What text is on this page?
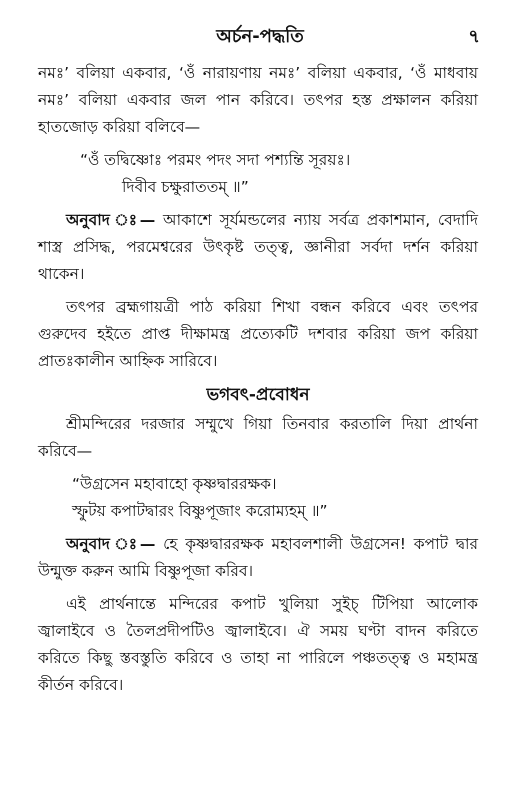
অর্চন-পদ্ধতি	৭

নমঃ’ বলিয়া একবার, ‘ওঁ নারায়ণায় নমঃ’ বলিয়া একবার, ‘ওঁ মাধবায় নমঃ’ বলিয়া একবার জল পান করিবে। তৎপর হস্ত প্রক্ষালন করিয়া হাতজোড় করিয়া বলিবে—

“ওঁ তদ্বিষ্ণোঃ পরমং পদং সদা পশ্যন্তি সূরয়ঃ।
দিবীব চক্ষুরাততম্ ॥”

অনুবাদ ঃ— আকাশে সূর্যমন্ডলের ন্যায় সর্বত্র প্রকাশমান, বেদাদি শাস্ত্র প্রসিদ্ধ, পরমেশ্বরের উৎকৃষ্ট তত্ত্ব, জ্ঞানীরা সর্বদা দর্শন করিয়া থাকেন।

তৎপর ব্রহ্মগায়ত্রী পাঠ করিয়া শিখা বন্ধন করিবে এবং তৎপর গুরুদেব হইতে প্রাপ্ত দীক্ষামন্ত্র প্রত্যেকটি দশবার করিয়া জপ করিয়া প্রাতঃকালীন আহ্নিক সারিবে।

ভগবৎ-প্রবোধন

শ্রীমন্দিরের দরজার সম্মুখে গিয়া তিনবার করতালি দিয়া প্রার্থনা করিবে—

“উগ্রসেন মহাবাহো কৃষ্ণদ্বাররক্ষক।
স্ফুটয় কপাটদ্বারং বিষ্ণুপূজাং করোম্যহম্ ॥”

অনুবাদ ঃ— হে কৃষ্ণদ্বাররক্ষক মহাবলশালী উগ্রসেন! কপাট দ্বার উন্মুক্ত করুন আমি বিষ্ণুপূজা করিব।

এই প্রার্থনান্তে মন্দিরের কপাট খুলিয়া সুইচ্ টিপিয়া আলোক জ্বালাইবে ও তৈলপ্রদীপটিও জ্বালাইবে। ঐ সময় ঘণ্টা বাদন করিতে করিতে কিছু স্তবস্তুতি করিবে ও তাহা না পারিলে পঞ্চতত্ত্ব ও মহামন্ত্র কীর্তন করিবে।
